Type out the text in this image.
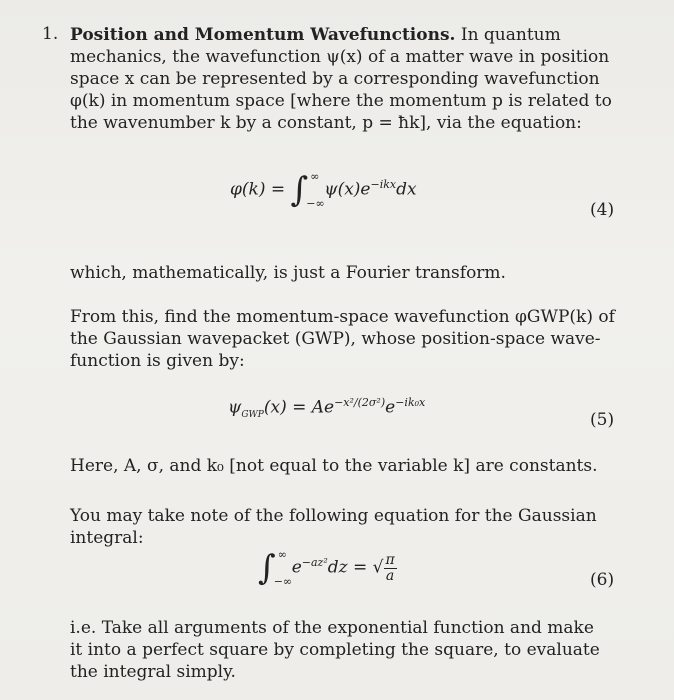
1. Position and Momentum Wavefunctions. In quantum
mechanics, the wavefunction ψ(x) of a matter wave in position
space x can be represented by a corresponding wavefunction
φ(k) in momentum space [where the momentum p is related to
the wavenumber k by a constant, p = ħk], via the equation:
φ(k) = ∫ ∞
−∞
$\psi(x)e^{-ikx}dx$
(4)
which, mathematically, is just a Fourier transform.
From this, find the momentum-space wavefunction φGWP(k) of
the Gaussian wavepacket (GWP), whose position-space wave-
function is given by:
$\psi_{GWP}(x) = Ae^{-x^2/(2\sigma^2)}e^{-ik_0x}$
(5)
Here, A, σ, and k₀ [not equal to the variable k] are constants.
You may take note of the following equation for the Gaussian
integral:
∫ ∞
−∞
$e^{-az^2}dz$ = √ $\frac{\pi}{a}$	(6)
i.e. Take all arguments of the exponential function and make
it into a perfect square by completing the square, to evaluate
the integral simply.
